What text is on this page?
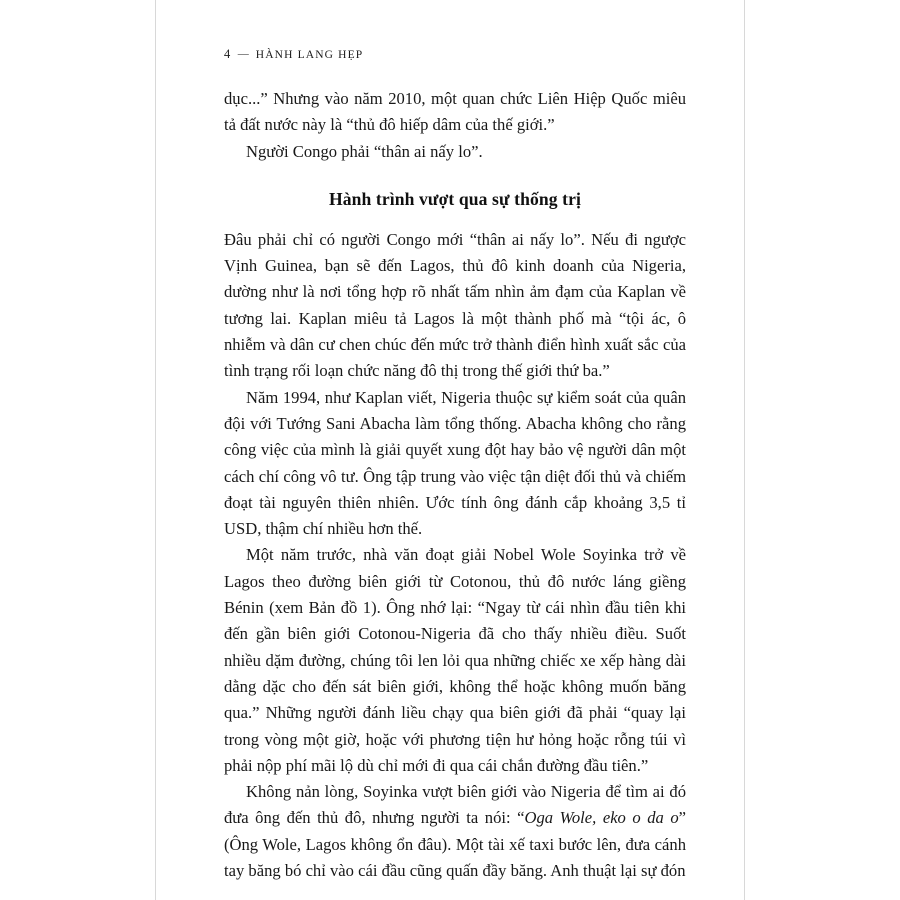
4 — HÀNH LANG HẸP

dục...” Nhưng vào năm 2010, một quan chức Liên Hiệp Quốc miêu tả đất nước này là “thủ đô hiếp dâm của thế giới.”

Người Congo phải “thân ai nấy lo”.

Hành trình vượt qua sự thống trị

Đâu phải chỉ có người Congo mới “thân ai nấy lo”. Nếu đi ngược Vịnh Guinea, bạn sẽ đến Lagos, thủ đô kinh doanh của Nigeria, dường như là nơi tổng hợp rõ nhất tấm nhìn ảm đạm của Kaplan về tương lai. Kaplan miêu tả Lagos là một thành phố mà “tội ác, ô nhiễm và dân cư chen chúc đến mức trở thành điển hình xuất sắc của tình trạng rối loạn chức năng đô thị trong thế giới thứ ba.”

Năm 1994, như Kaplan viết, Nigeria thuộc sự kiểm soát của quân đội với Tướng Sani Abacha làm tổng thống. Abacha không cho rằng công việc của mình là giải quyết xung đột hay bảo vệ người dân một cách chí công vô tư. Ông tập trung vào việc tận diệt đối thủ và chiếm đoạt tài nguyên thiên nhiên. Ước tính ông đánh cắp khoảng 3,5 tỉ USD, thậm chí nhiều hơn thế.

Một năm trước, nhà văn đoạt giải Nobel Wole Soyinka trở về Lagos theo đường biên giới từ Cotonou, thủ đô nước láng giềng Bénin (xem Bản đồ 1). Ông nhớ lại: “Ngay từ cái nhìn đầu tiên khi đến gần biên giới Cotonou-Nigeria đã cho thấy nhiều điều. Suốt nhiều dặm đường, chúng tôi len lỏi qua những chiếc xe xếp hàng dài dằng dặc cho đến sát biên giới, không thể hoặc không muốn băng qua.” Những người đánh liều chạy qua biên giới đã phải “quay lại trong vòng một giờ, hoặc với phương tiện hư hỏng hoặc rỗng túi vì phải nộp phí mãi lộ dù chỉ mới đi qua cái chắn đường đầu tiên.”

Không nản lòng, Soyinka vượt biên giới vào Nigeria để tìm ai đó đưa ông đến thủ đô, nhưng người ta nói: “Oga Wole, eko o da o” (Ông Wole, Lagos không ổn đâu). Một tài xế taxi bước lên, đưa cánh tay băng bó chỉ vào cái đầu cũng quấn đầy băng. Anh thuật lại sự đón
